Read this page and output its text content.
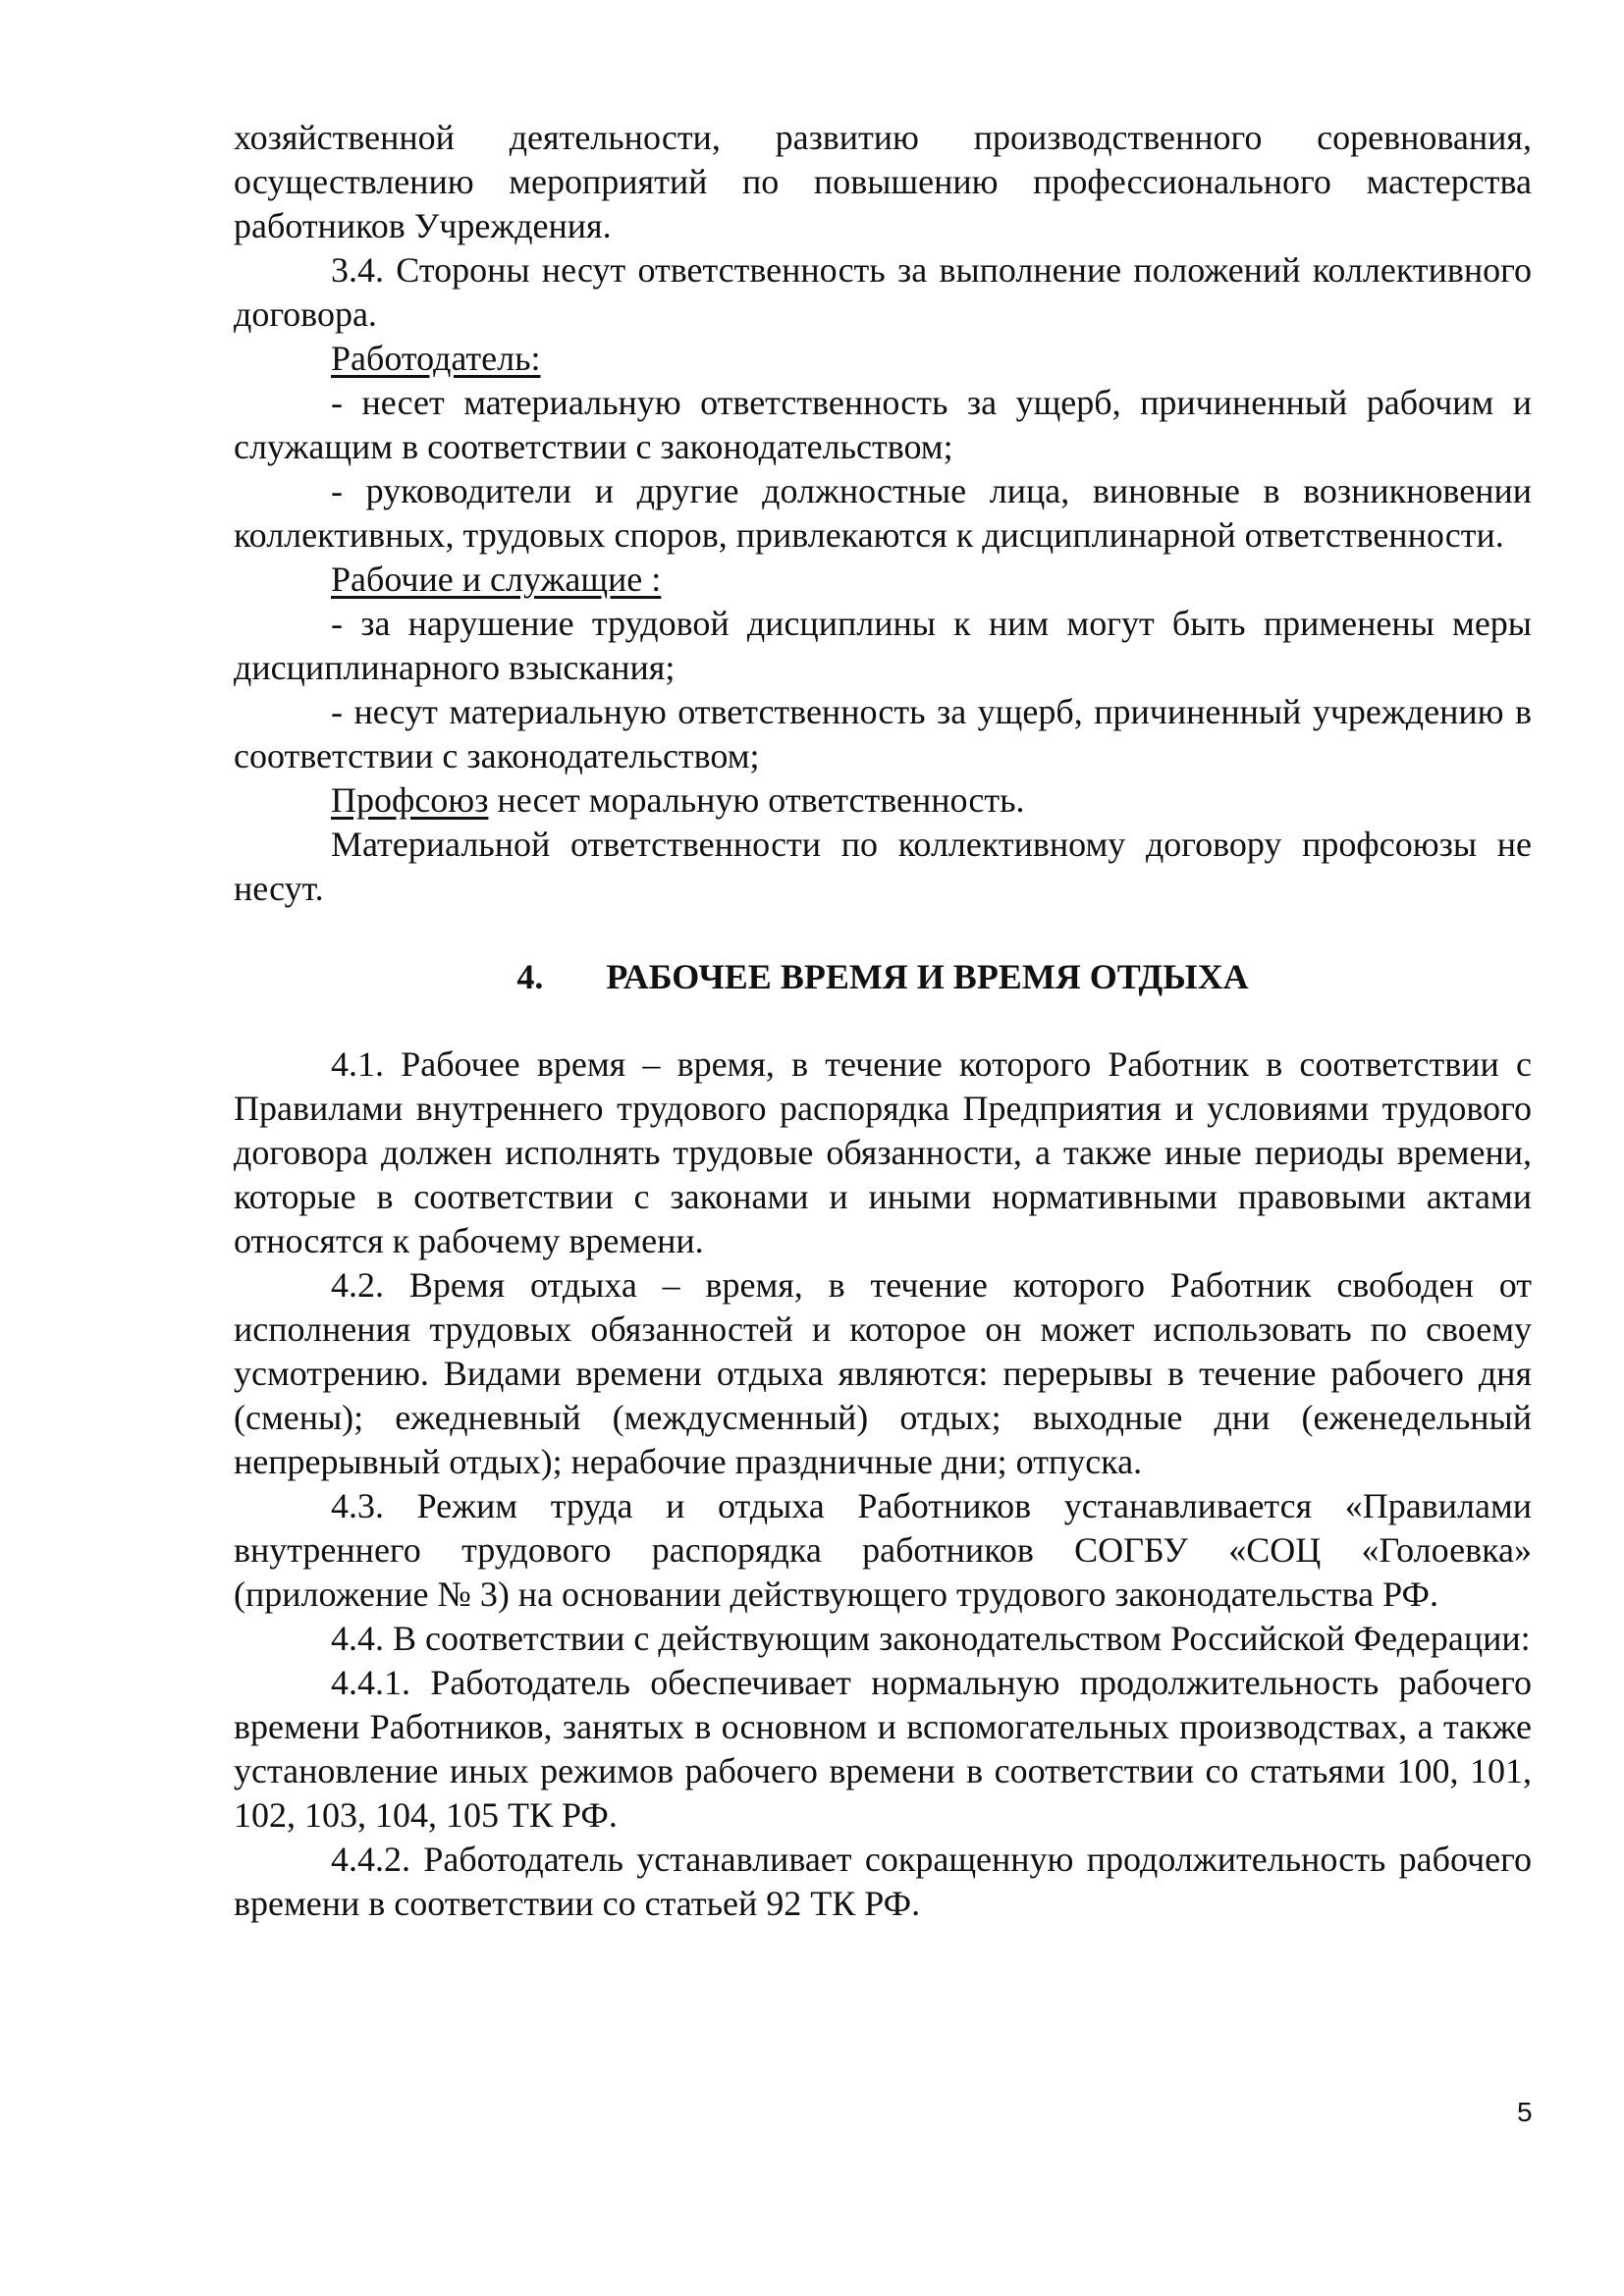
хозяйственной деятельности, развитию производственного соревнования, осуществлению мероприятий по повышению профессионального мастерства работников Учреждения.

3.4. Стороны несут ответственность за выполнение положений коллективного договора.

Работодатель:

- несет материальную ответственность за ущерб, причиненный рабочим и служащим в соответствии с законодательством;

- руководители и другие должностные лица, виновные в возникновении коллективных, трудовых споров, привлекаются к дисциплинарной ответственности.

Рабочие и служащие :

- за нарушение трудовой дисциплины к ним могут быть применены меры дисциплинарного взыскания;

- несут материальную ответственность за ущерб, причиненный учреждению в соответствии с законодательством;

Профсоюз несет моральную ответственность.

Материальной ответственности по коллективному договору профсоюзы не несут.

4. РАБОЧЕЕ ВРЕМЯ И ВРЕМЯ ОТДЫХА

4.1. Рабочее время – время, в течение которого Работник в соответствии с Правилами внутреннего трудового распорядка Предприятия и условиями трудового договора должен исполнять трудовые обязанности, а также иные периоды времени, которые в соответствии с законами и иными нормативными правовыми актами относятся к рабочему времени.

4.2. Время отдыха – время, в течение которого Работник свободен от исполнения трудовых обязанностей и которое он может использовать по своему усмотрению. Видами времени отдыха являются: перерывы в течение рабочего дня (смены); ежедневный (междусменный) отдых; выходные дни (еженедельный непрерывный отдых); нерабочие праздничные дни; отпуска.

4.3. Режим труда и отдыха Работников устанавливается «Правилами внутреннего трудового распорядка работников СОГБУ «СОЦ «Голоевка» (приложение № 3) на основании действующего трудового законодательства РФ.

4.4. В соответствии с действующим законодательством Российской Федерации:

4.4.1. Работодатель обеспечивает нормальную продолжительность рабочего времени Работников, занятых в основном и вспомогательных производствах, а также установление иных режимов рабочего времени в соответствии со статьями 100, 101, 102, 103, 104, 105 ТК РФ.

4.4.2. Работодатель устанавливает сокращенную продолжительность рабочего времени в соответствии со статьей 92 ТК РФ.

5
